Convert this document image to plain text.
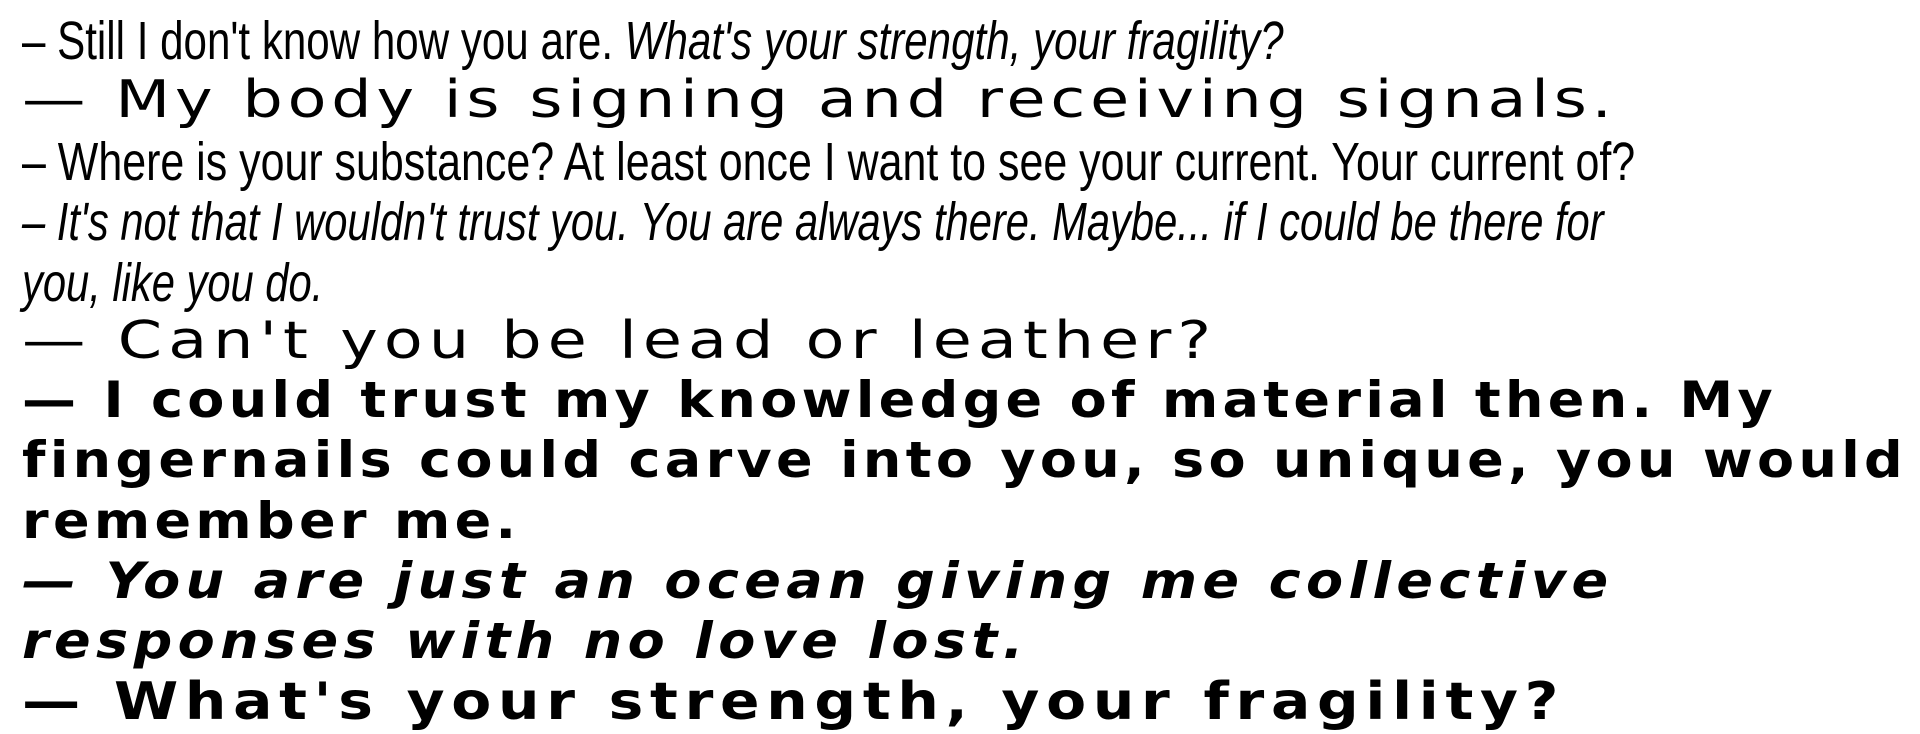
– Still I don't know how you are. What's your strength, your fragility?
— My body is signing and receiving signals.
– Where is your substance? At least once I want to see your current. Your current of?
– It's not that I wouldn't trust you. You are always there. Maybe... if I could be there for
you, like you do.
— Can't you be lead or leather?
— I could trust my knowledge of material then. My
fingernails could carve into you, so unique, you would
remember me.
— You are just an ocean giving me collective
responses with no love lost.
— What's your strength, your fragility?
